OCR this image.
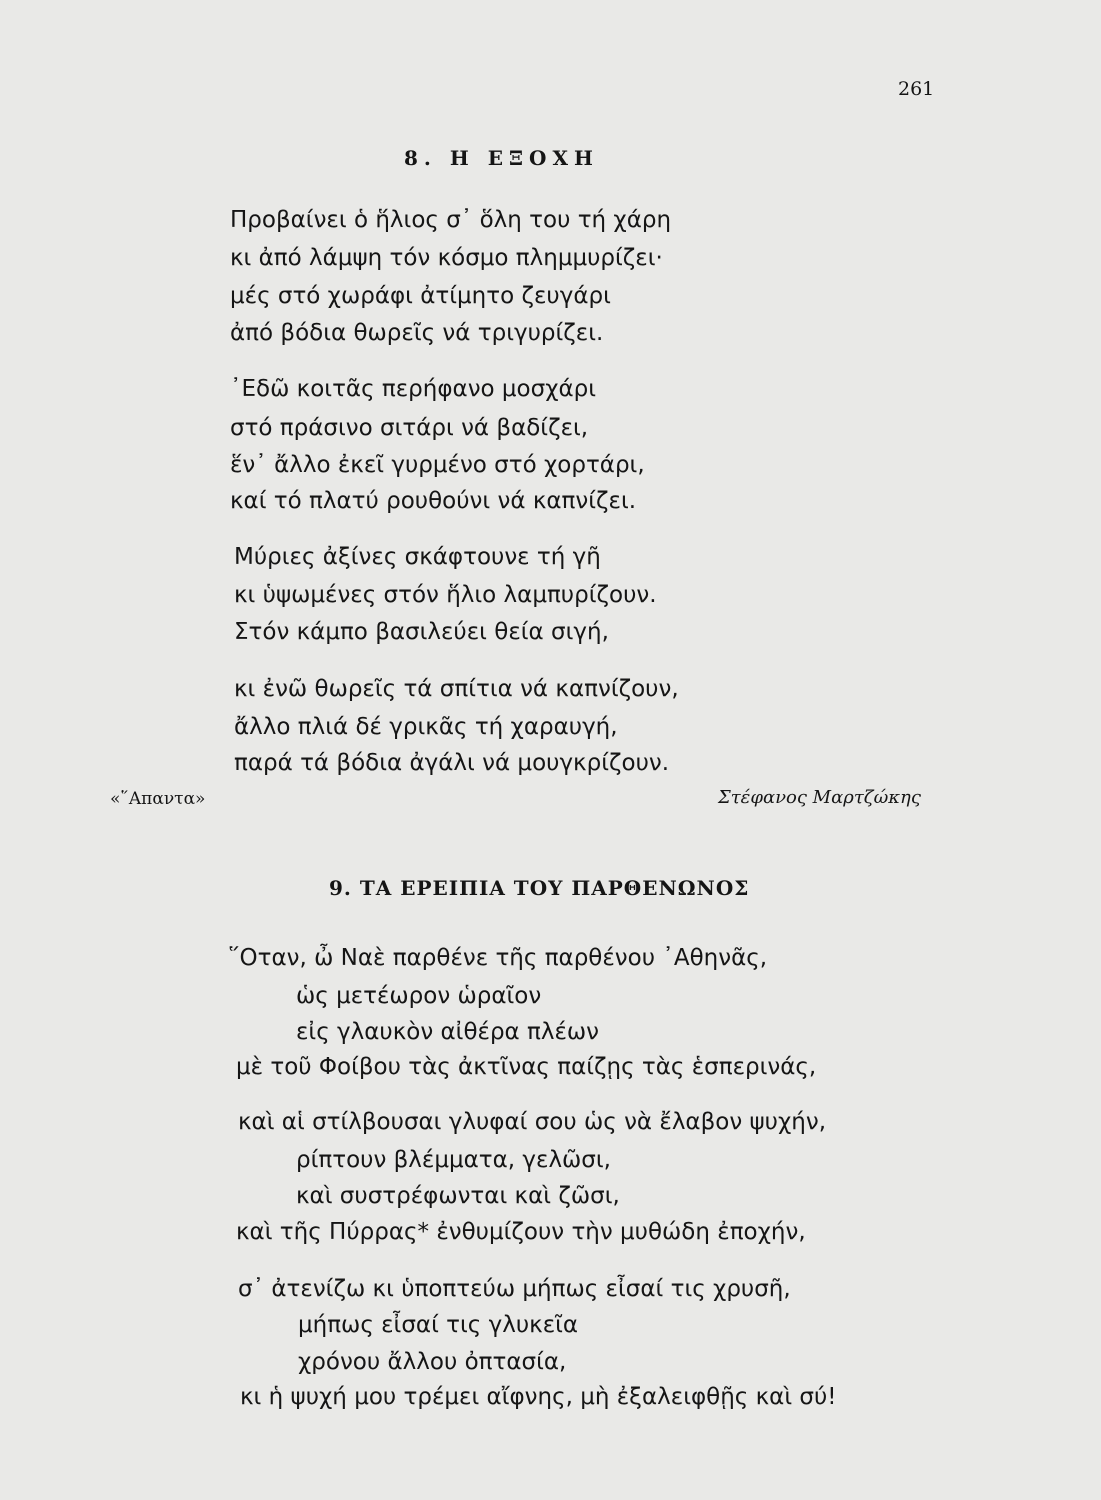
261
8. Η ΕΞΟΧΗ
Προβαίνει ὁ ἥλιος σ᾽ ὅλη του τή χάρη
κι ἀπό λάμψη τόν κόσμο πλημμυρίζει·
μές στό χωράφι ἀτίμητο ζευγάρι
ἀπό βόδια θωρεῖς νά τριγυρίζει.
᾽Εδῶ κοιτᾶς περήφανο μοσχάρι
στό πράσινο σιτάρι νά βαδίζει,
ἕν᾽ ἄλλο ἐκεῖ γυρμένο στό χορτάρι,
καί τό πλατύ ρουθούνι νά καπνίζει.
Μύριες ἀξίνες σκάφτουνε τή γῆ
κι ὑψωμένες στόν ἥλιο λαμπυρίζουν.
Στόν κάμπο βασιλεύει θεία σιγή,
κι ἐνῶ θωρεῖς τά σπίτια νά καπνίζουν,
ἄλλο πλιά δέ γρικᾶς τή χαραυγή,
παρά τά βόδια ἀγάλι νά μουγκρίζουν.
«῞Απαντα»	Στέφανος Μαρτζώκης
9. ΤΑ ΕΡΕΙΠΙΑ ΤΟΥ ΠΑΡΘΕΝΩΝΟΣ
῞Οταν, ὦ Ναὲ παρθένε τῆς παρθένου ᾽Αθηνᾶς,
ὡς μετέωρον ὡραῖον
εἰς γλαυκὸν αἰθέρα πλέων
μὲ τοῦ Φοίβου τὰς ἀκτῖνας παίζῃς τὰς ἑσπερινάς,
καὶ αἱ στίλβουσαι γλυφαί σου ὡς νὰ ἔλαβον ψυχήν,
ρίπτουν βλέμματα, γελῶσι,
καὶ συστρέφωνται καὶ ζῶσι,
καὶ τῆς Πύρρας* ἐνθυμίζουν τὴν μυθώδη ἐποχήν,
σ᾽ ἀτενίζω κι ὑποπτεύω μήπως εἶσαί τις χρυσῆ,
μήπως εἶσαί τις γλυκεῖα
χρόνου ἄλλου ὀπτασία,
κι ἡ ψυχή μου τρέμει αἴφνης, μὴ ἐξαλειφθῇς καὶ σύ!
